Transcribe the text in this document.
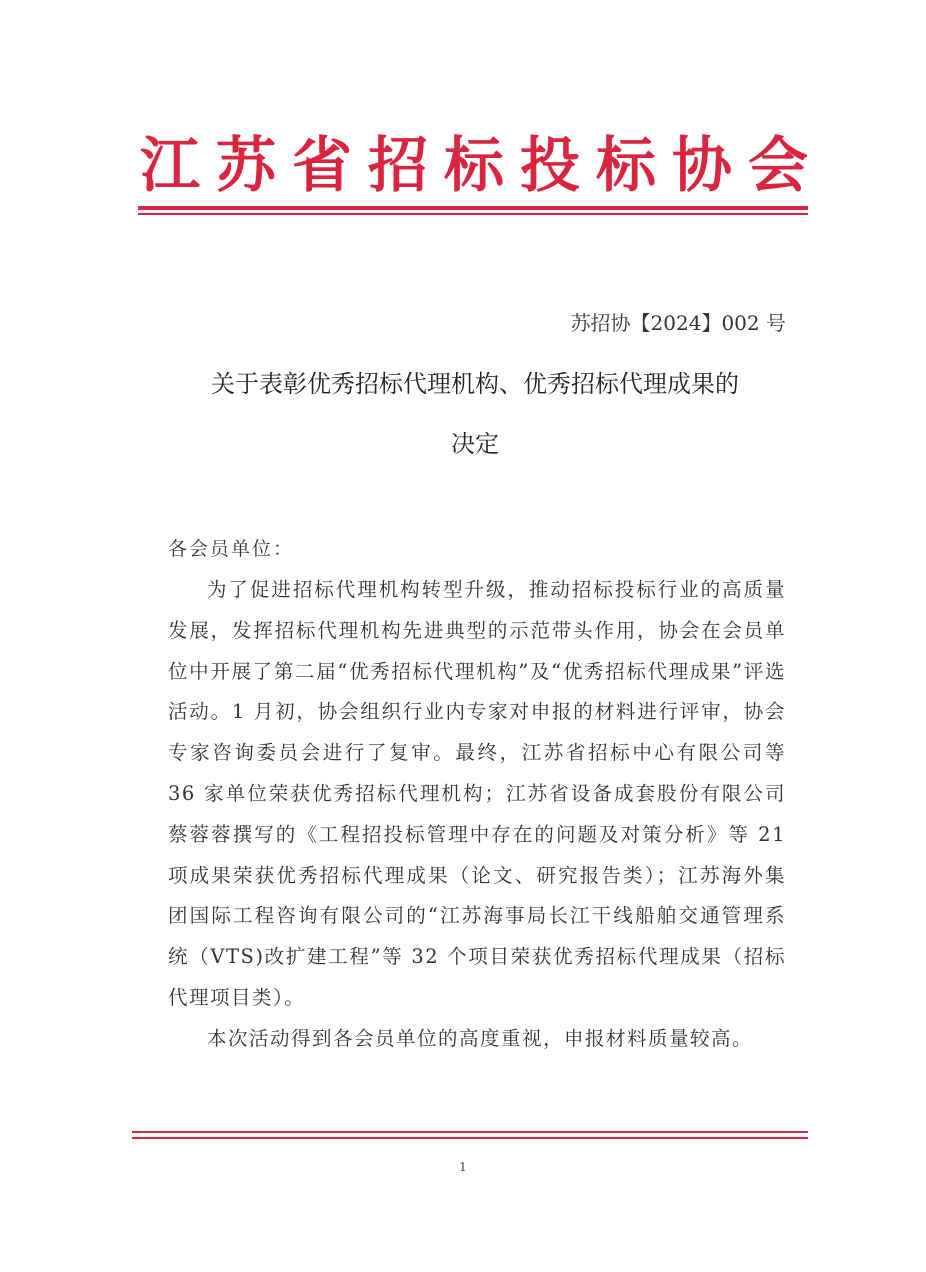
江苏省招标投标协会
苏招协【2024】002 号
关于表彰优秀招标代理机构、优秀招标代理成果的
决定
各会员单位：

为了促进招标代理机构转型升级，推动招标投标行业的高质量发展，发挥招标代理机构先进典型的示范带头作用，协会在会员单位中开展了第二届“优秀招标代理机构”及“优秀招标代理成果”评选活动。1 月初，协会组织行业内专家对申报的材料进行评审，协会专家咨询委员会进行了复审。最终，江苏省招标中心有限公司等 36 家单位荣获优秀招标代理机构；江苏省设备成套股份有限公司蔡蓉蓉撰写的《工程招投标管理中存在的问题及对策分析》等 21 项成果荣获优秀招标代理成果（论文、研究报告类）；江苏海外集团国际工程咨询有限公司的“江苏海事局长江干线船舶交通管理系统（VTS)改扩建工程”等 32 个项目荣获优秀招标代理成果（招标代理项目类）。

本次活动得到各会员单位的高度重视，申报材料质量较高。

1
